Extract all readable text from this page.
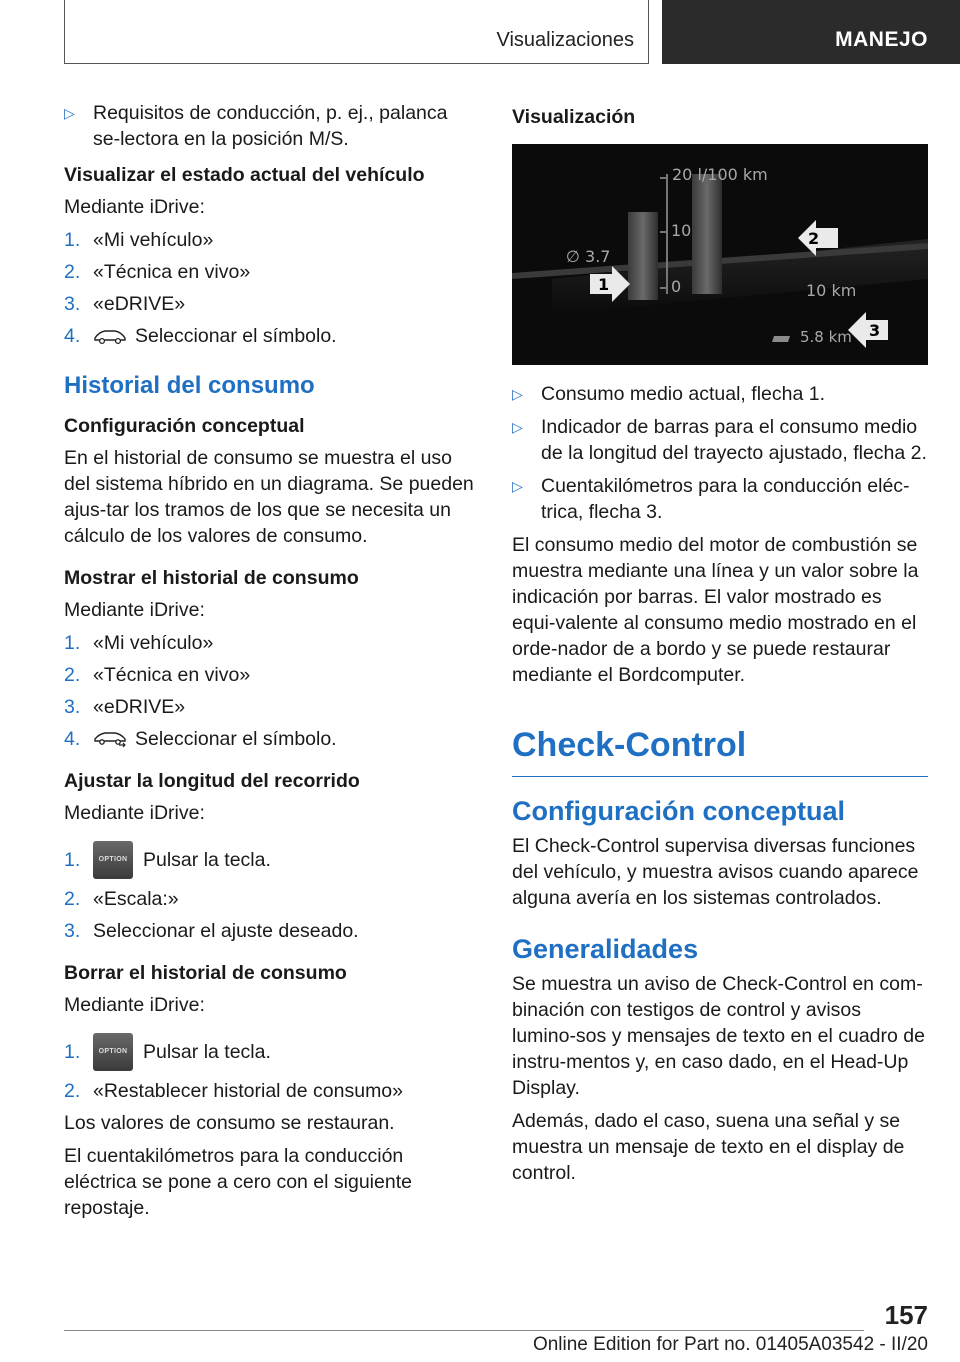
Visualizaciones	MANEJO
▷ Requisitos de conducción, p. ej., palanca se-lectora en la posición M/S.
Visualizar el estado actual del vehículo

Mediante iDrive:

1. «Mi vehículo»
2. «Técnica en vivo»
3. «eDRIVE»
4.	Seleccionar el símbolo.
Historial del consumo
Configuración conceptual

En el historial de consumo se muestra el uso del sistema híbrido en un diagrama. Se pueden ajus-tar los tramos de los que se necesita un cálculo de los valores de consumo.

Mostrar el historial de consumo

Mediante iDrive:

1. «Mi vehículo»
2. «Técnica en vivo»
3. «eDRIVE»
4.	Seleccionar el símbolo.
Ajustar la longitud del recorrido

Mediante iDrive:

1.	OPTION Pulsar la tecla.
2. «Escala:»
3. Seleccionar el ajuste deseado.
Borrar el historial de consumo

Mediante iDrive:

1.	OPTION Pulsar la tecla.
2. «Restablecer historial de consumo»

Los valores de consumo se restauran.

El cuentakilómetros para la conducción eléctrica se pone a cero con el siguiente repostaje.

Visualización
20 l/100 km
10
0
∅ 3.7
10 km
5.8 km
1
2
3
▷ Consumo medio actual, flecha 1.
▷ Indicador de barras para el consumo medio de la longitud del trayecto ajustado, flecha 2.
▷ Cuentakilómetros para la conducción eléc-trica, flecha 3.

El consumo medio del motor de combustión se muestra mediante una línea y un valor sobre la indicación por barras. El valor mostrado es equi-valente al consumo medio mostrado en el orde-nador de a bordo y se puede restaurar mediante el Bordcomputer.

Check-Control
Configuración conceptual

El Check-Control supervisa diversas funciones del vehículo, y muestra avisos cuando aparece alguna avería en los sistemas controlados.

Generalidades

Se muestra un aviso de Check-Control en com-binación con testigos de control y avisos lumino-sos y mensajes de texto en el cuadro de instru-mentos y, en caso dado, en el Head-Up Display.

Además, dado el caso, suena una señal y se muestra un mensaje de texto en el display de control.

157
Online Edition for Part no. 01405A03542 - II/20
